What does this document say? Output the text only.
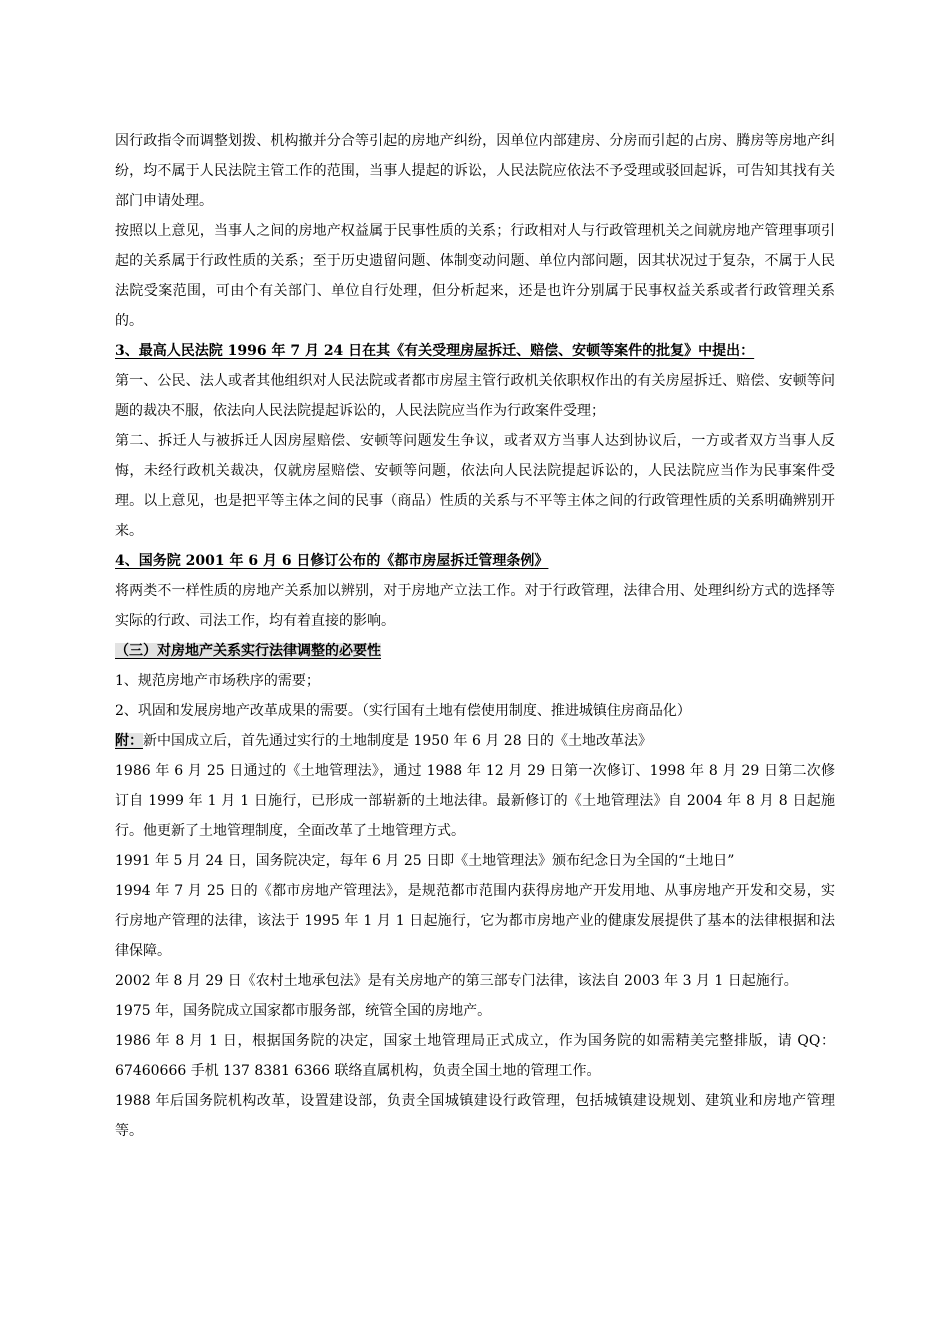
因行政指令而调整划拨、机构撤并分合等引起的房地产纠纷，因单位内部建房、分房而引起的占房、腾房等房地产纠纷，均不属于人民法院主管工作的范围，当事人提起的诉讼，人民法院应依法不予受理或驳回起诉，可告知其找有关部门申请处理。

按照以上意见，当事人之间的房地产权益属于民事性质的关系；行政相对人与行政管理机关之间就房地产管理事项引起的关系属于行政性质的关系；至于历史遗留问题、体制变动问题、单位内部问题，因其状况过于复杂，不属于人民法院受案范围，可由个有关部门、单位自行处理，但分析起来，还是也许分别属于民事权益关系或者行政管理关系的。

3、最高人民法院 1996 年 7 月 24 日在其《有关受理房屋拆迁、赔偿、安顿等案件的批复》中提出：

第一、公民、法人或者其他组织对人民法院或者都市房屋主管行政机关依职权作出的有关房屋拆迁、赔偿、安顿等问题的裁决不服，依法向人民法院提起诉讼的，人民法院应当作为行政案件受理；

第二、拆迁人与被拆迁人因房屋赔偿、安顿等问题发生争议，或者双方当事人达到协议后，一方或者双方当事人反悔，未经行政机关裁决，仅就房屋赔偿、安顿等问题，依法向人民法院提起诉讼的，人民法院应当作为民事案件受理。以上意见，也是把平等主体之间的民事（商品）性质的关系与不平等主体之间的行政管理性质的关系明确辨别开来。

4、国务院 2001 年 6 月 6 日修订公布的《都市房屋拆迁管理条例》

将两类不一样性质的房地产关系加以辨别，对于房地产立法工作。对于行政管理，法律合用、处理纠纷方式的选择等实际的行政、司法工作，均有着直接的影响。

（三）对房地产关系实行法律调整的必要性

1、规范房地产市场秩序的需要；

2、巩固和发展房地产改革成果的需要。（实行国有土地有偿使用制度、推进城镇住房商品化）

附：新中国成立后，首先通过实行的土地制度是 1950 年 6 月 28 日的《土地改革法》

1986 年 6 月 25 日通过的《土地管理法》，通过 1988 年 12 月 29 日第一次修订、1998 年 8 月 29 日第二次修订自 1999 年 1 月 1 日施行，已形成一部崭新的土地法律。最新修订的《土地管理法》自 2004 年 8 月 8 日起施行。他更新了土地管理制度，全面改革了土地管理方式。

1991 年 5 月 24 日，国务院决定，每年 6 月 25 日即《土地管理法》颁布纪念日为全国的“土地日”

1994 年 7 月 25 日的《都市房地产管理法》，是规范都市范围内获得房地产开发用地、从事房地产开发和交易，实行房地产管理的法律，该法于 1995 年 1 月 1 日起施行，它为都市房地产业的健康发展提供了基本的法律根据和法律保障。

2002 年 8 月 29 日《农村土地承包法》是有关房地产的第三部专门法律，该法自 2003 年 3 月 1 日起施行。

1975 年，国务院成立国家都市服务部，统管全国的房地产。

1986 年 8 月 1 日，根据国务院的决定，国家土地管理局正式成立，作为国务院的如需精美完整排版，请 QQ：67460666 手机 137 8381 6366 联络直属机构，负责全国土地的管理工作。

1988 年后国务院机构改革，设置建设部，负责全国城镇建设行政管理，包括城镇建设规划、建筑业和房地产管理等。
